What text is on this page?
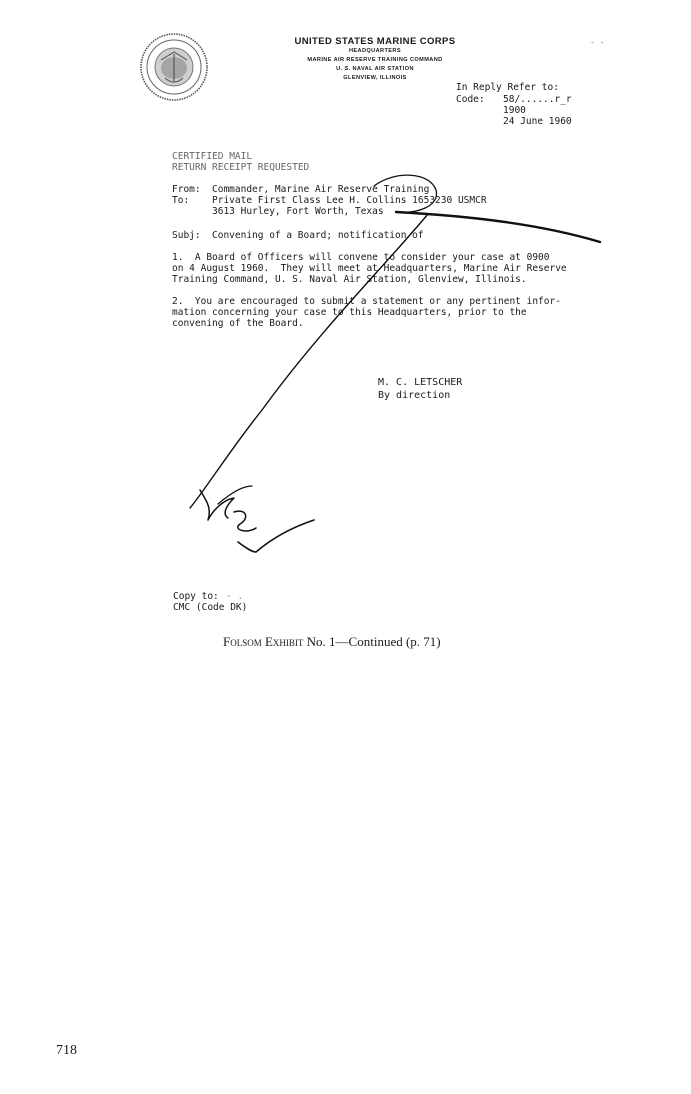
UNITED STATES MARINE CORPS
HEADQUARTERS
MARINE AIR RESERVE TRAINING COMMAND
U. S. NAVAL AIR STATION
GLENVIEW, ILLINOIS
- -
In Reply Refer to:
Code: 58/......r_r
1900
24 June 1960
CERTIFIED MAIL
RETURN RECEIPT REQUESTED
From: Commander, Marine Air Reserve Training
To: Private First Class Lee H. Collins 1653230 USMCR
3613 Hurley, Fort Worth, Texas
Subj: Convening of a Board; notification of
1.  A Board of Officers will convene to consider your case at 0900
on 4 August 1960.  They will meet at Headquarters, Marine Air Reserve
Training Command, U. S. Naval Air Station, Glenview, Illinois.
2.  You are encouraged to submit a statement or any pertinent infor-
mation concerning your case to this Headquarters, prior to the
convening of the Board.
M. C. LETSCHER
By direction
Copy to: - .
CMC (Code DK)
Folsom Exhibit No. 1—Continued (p. 71)
718
